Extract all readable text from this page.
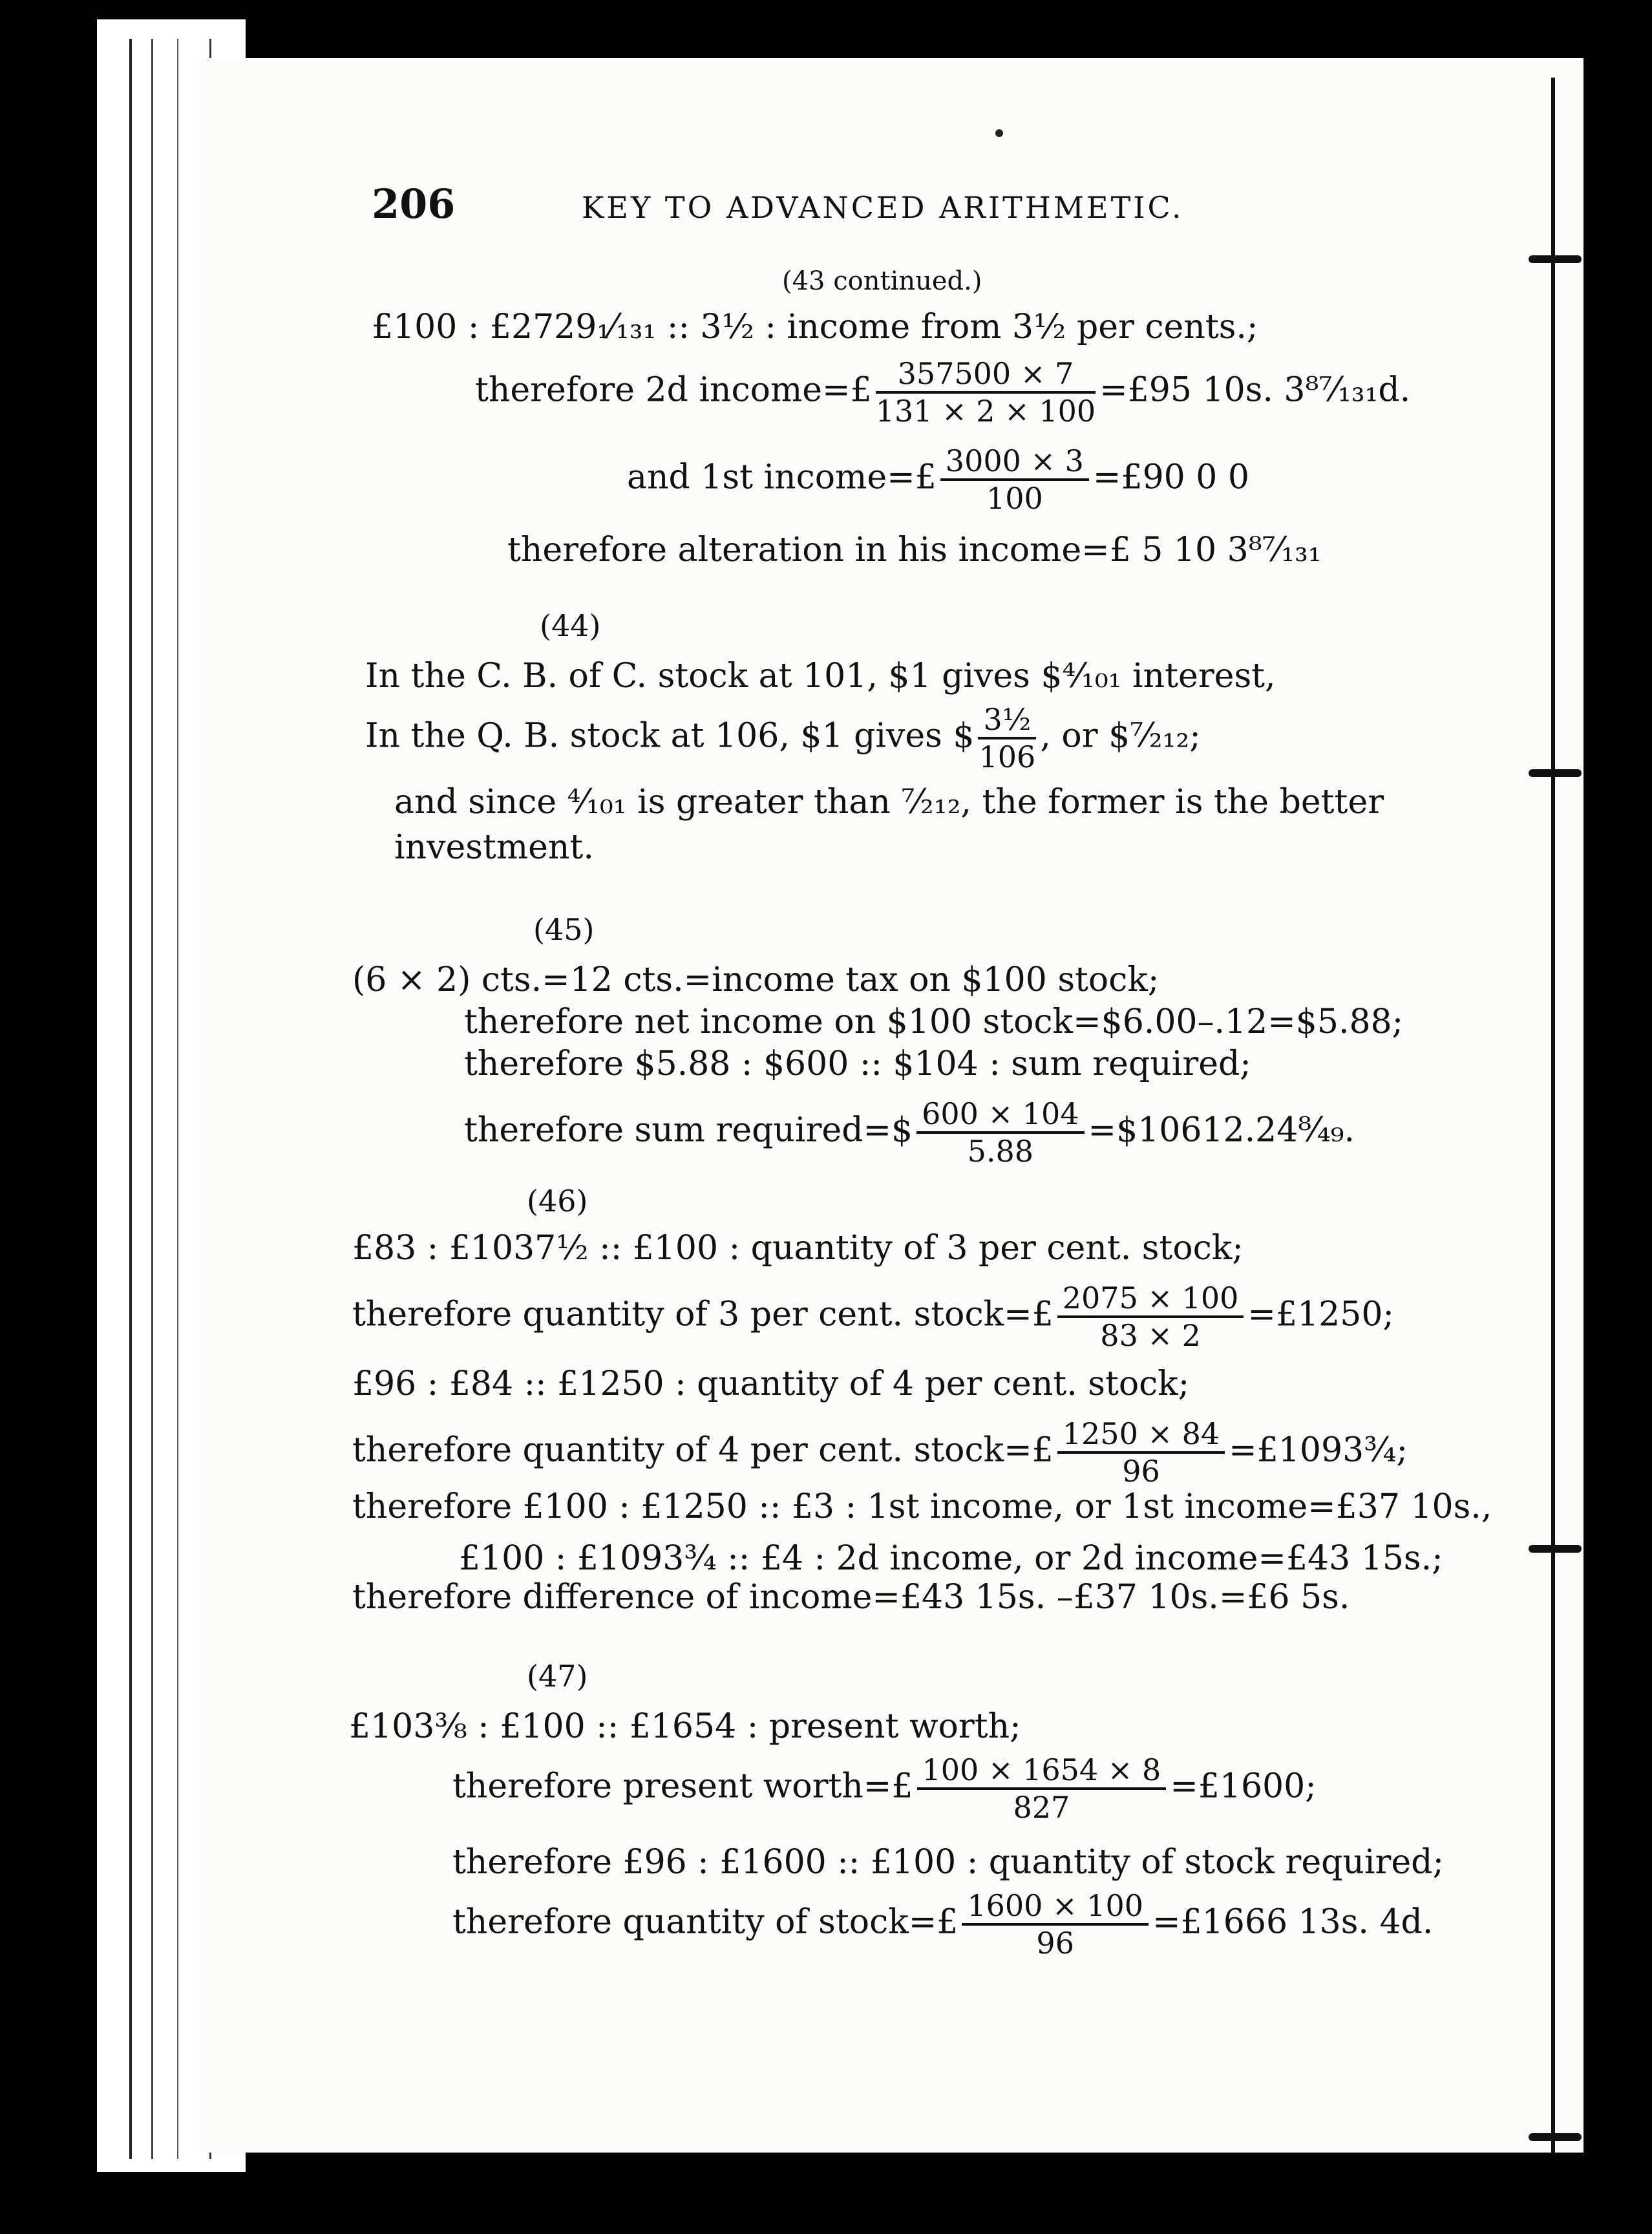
206	KEY TO ADVANCED ARITHMETIC.
(43 continued.)
£100 : £2729₁⁄₁₃₁ :: 3½ : income from 3½ per cents.;
therefore 2d income=£ $\frac{357500 \times 7}{131 \times 2 \times 100}$ =£95 10s. 3⁸⁷⁄₁₃₁d.
and 1st income=£ $\frac{3000 \times 3}{100}$ =£90 0 0
therefore alteration in his income=£ 5 10 3⁸⁷⁄₁₃₁
(44)
In the C. B. of C. stock at 101, $1 gives $⁴⁄₁₀₁ interest,
In the Q. B. stock at 106, $1 gives $ $\frac{\text{3½}}{106}$ , or $⁷⁄₂₁₂;
and since ⁴⁄₁₀₁ is greater than ⁷⁄₂₁₂, the former is the better
investment.
(45)
(6 × 2) cts.=12 cts.=income tax on $100 stock;
therefore net income on $100 stock=$6.00–.12=$5.88;
therefore $5.88 : $600 :: $104 : sum required;
therefore sum required=$ $\frac{600 \times 104}{5.88}$ =$10612.24⁸⁄₄₉.
(46)
£83 : £1037½ :: £100 : quantity of 3 per cent. stock;
therefore quantity of 3 per cent. stock=£ $\frac{2075 \times 100}{83 \times 2}$ =£1250;
£96 : £84 :: £1250 : quantity of 4 per cent. stock;
therefore quantity of 4 per cent. stock=£ $\frac{1250 \times 84}{96}$ =£1093¾;
therefore £100 : £1250 :: £3 : 1st income, or 1st income=£37 10s.,
£100 : £1093¾ :: £4 : 2d income, or 2d income=£43 15s.;
therefore difference of income=£43 15s. –£37 10s.=£6 5s.
(47)
£103⅜ : £100 :: £1654 : present worth;
therefore present worth=£ $\frac{100 \times 1654 \times 8}{827}$ =£1600;
therefore £96 : £1600 :: £100 : quantity of stock required;
therefore quantity of stock=£ $\frac{1600 \times 100}{96}$ =£1666 13s. 4d.
